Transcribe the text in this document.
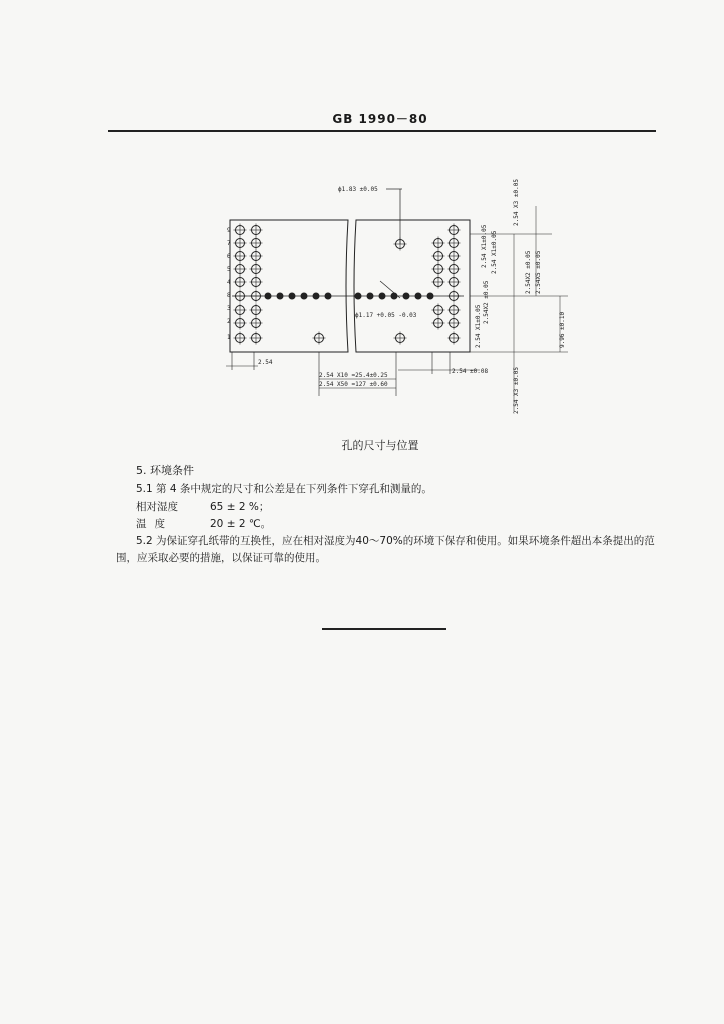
GB 1990－80
9
7
6
5
4
8
3
2
1
ϕ1.83 ±0.05
ϕ1.17 +0.05 -0.03
2.54
2.54 X10 =25.4±0.25
2.54 X50 =127 ±0.60
2.54 ±0.08
2.54 X3 ±0.05
2.54 X1±0.05 2.54 X1±0.05
2.54X2 ±0.05
2.54X5 ±0.05
2.54X2 ±0.05
9.96 ±0.10
2.54 X1±0.05
2.54 X3 ±0.05
孔的尺寸与位置
5. 环境条件
5.1 第 4 条中规定的尺寸和公差是在下列条件下穿孔和测量的。
相对湿度	65 ± 2 %；
温度	20 ± 2 ℃。
5.2 为保证穿孔纸带的互换性，应在相对湿度为40～70%的环境下保存和使用。如果环境条件超出本条提出的范围，应采取必要的措施，以保证可靠的使用。
